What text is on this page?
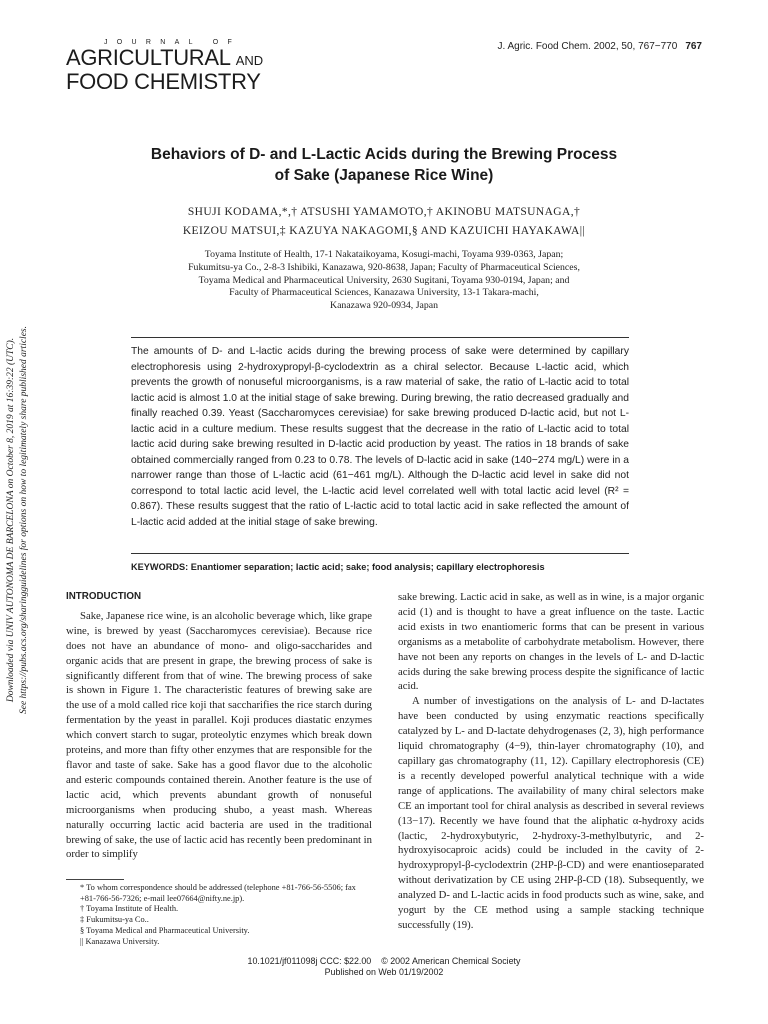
JOURNAL OF
AGRICULTURAL AND
FOOD CHEMISTRY
J. Agric. Food Chem. 2002, 50, 767−770 767
Downloaded via UNIV AUTONOMA DE BARCELONA on October 8, 2019 at 16:39:22 (UTC). See https://pubs.acs.org/sharingguidelines for options on how to legitimately share published articles.
Behaviors of D- and L-Lactic Acids during the Brewing Process
of Sake (Japanese Rice Wine)
SHUJI KODAMA,*,† ATSUSHI YAMAMOTO,† AKINOBU MATSUNAGA,†
KEIZOU MATSUI,‡ KAZUYA NAKAGOMI,§ AND KAZUICHI HAYAKAWA||
Toyama Institute of Health, 17-1 Nakataikoyama, Kosugi-machi, Toyama 939-0363, Japan;
Fukumitsu-ya Co., 2-8-3 Ishibiki, Kanazawa, 920-8638, Japan; Faculty of Pharmaceutical Sciences,
Toyama Medical and Pharmaceutical University, 2630 Sugitani, Toyama 930-0194, Japan; and
Faculty of Pharmaceutical Sciences, Kanazawa University, 13-1 Takara-machi,
Kanazawa 920-0934, Japan
The amounts of D- and L-lactic acids during the brewing process of sake were determined by capillary electrophoresis using 2-hydroxypropyl-β-cyclodextrin as a chiral selector. Because L-lactic acid, which prevents the growth of nonuseful microorganisms, is a raw material of sake, the ratio of L-lactic acid to total lactic acid is almost 1.0 at the initial stage of sake brewing. During brewing, the ratio decreased gradually and finally reached 0.39. Yeast (Saccharomyces cerevisiae) for sake brewing produced D-lactic acid, but not L-lactic acid in a culture medium. These results suggest that the decrease in the ratio of L-lactic acid to total lactic acid during sake brewing resulted in D-lactic acid production by yeast. The ratios in 18 brands of sake obtained commercially ranged from 0.23 to 0.78. The levels of D-lactic acid in sake (140−274 mg/L) were in a narrower range than those of L-lactic acid (61−461 mg/L). Although the D-lactic acid level in sake did not correspond to total lactic acid level, the L-lactic acid level correlated well with total lactic acid level (R² = 0.867). These results suggest that the ratio of L-lactic acid to total lactic acid in sake reflected the amount of L-lactic acid added at the initial stage of sake brewing.
KEYWORDS: Enantiomer separation; lactic acid; sake; food analysis; capillary electrophoresis
INTRODUCTION

Sake, Japanese rice wine, is an alcoholic beverage which, like grape wine, is brewed by yeast (Saccharomyces cerevisiae). Because rice does not have an abundance of mono- and oligo-saccharides and organic acids that are present in grape, the brewing process of sake is significantly different from that of wine. The brewing process of sake is shown in Figure 1. The characteristic features of brewing sake are the use of a mold called rice koji that saccharifies the rice starch during fermentation by the yeast in parallel. Koji produces diastatic enzymes which convert starch to sugar, proteolytic enzymes which break down proteins, and more than fifty other enzymes that are responsible for the flavor and taste of sake. Sake has a good flavor due to the alcoholic and esteric compounds contained therein. Another feature is the use of lactic acid, which prevents abundant growth of nonuseful microorganisms when producing shubo, a yeast mash. Whereas naturally occurring lactic acid bacteria are used in the traditional brewing of sake, the use of lactic acid has recently been predominant in order to simplify

sake brewing. Lactic acid in sake, as well as in wine, is a major organic acid (1) and is thought to have a great influence on the taste. Lactic acid exists in two enantiomeric forms that can be present in various organisms as a metabolite of carbohydrate metabolism. However, there have not been any reports on changes in the levels of L- and D-lactic acids during the sake brewing process despite the significance of lactic acid.

A number of investigations on the analysis of L- and D-lactates have been conducted by using enzymatic reactions specifically catalyzed by L- and D-lactate dehydrogenases (2, 3), high performance liquid chromatography (4−9), thin-layer chromatography (10), and capillary gas chromatography (11, 12). Capillary electrophoresis (CE) is a recently developed powerful analytical technique with a wide range of applications. The availability of many chiral selectors make CE an important tool for chiral analysis as described in several reviews (13−17). Recently we have found that the aliphatic α-hydroxy acids (lactic, 2-hydroxybutyric, 2-hydroxy-3-methylbutyric, and 2-hydroxyisocaproic acids) could be included in the cavity of 2-hydroxypropyl-β-cyclodextrin (2HP-β-CD) and were enantioseparated without derivatization by CE using 2HP-β-CD (18). Subsequently, we analyzed D- and L-lactic acids in food products such as wine, sake, and yogurt by the CE method using a sample stacking technique successfully (19).

* To whom correspondence should be addressed (telephone +81-766-56-5506; fax +81-766-56-7326; e-mail lee07664@nifty.ne.jp).
† Toyama Institute of Health.
‡ Fukumitsu-ya Co..
§ Toyama Medical and Pharmaceutical University.
|| Kanazawa University.
10.1021/jf011098j CCC: $22.00 © 2002 American Chemical Society
Published on Web 01/19/2002
